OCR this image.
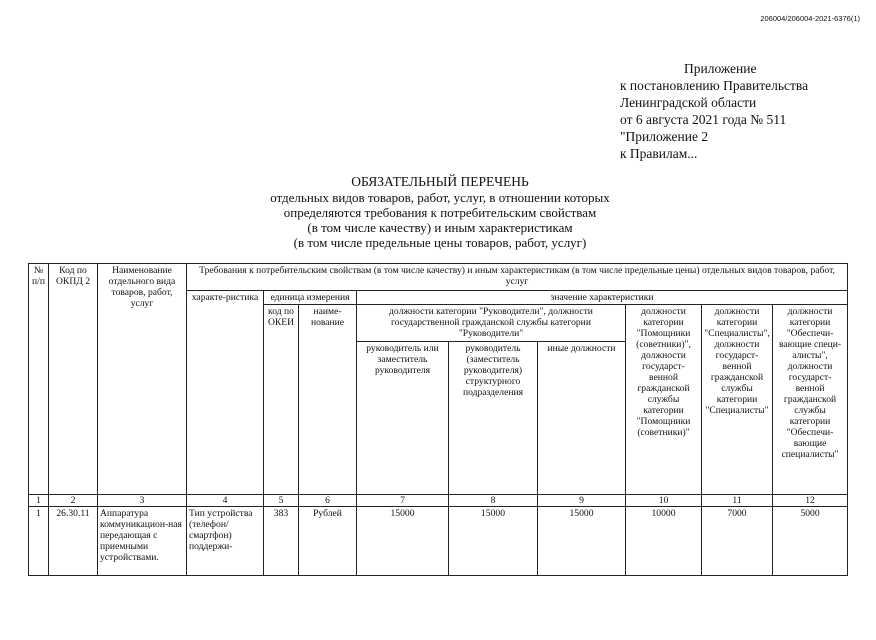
206004/206004-2021-6376(1)
Приложение
к постановлению Правительства
Ленинградской области
от 6 августа 2021 года № 511
"Приложение 2
к Правилам...
ОБЯЗАТЕЛЬНЫЙ ПЕРЕЧЕНЬ
отдельных видов товаров, работ, услуг, в отношении которых
определяются требования к потребительским свойствам
(в том числе качеству) и иным характеристикам
(в том числе предельные цены товаров, работ, услуг)
№ п/п	Код по ОКПД 2	Наименование отдельного вида товаров, работ, услуг	Требования к потребительским свойствам (в том числе качеству) и иным характеристикам (в том числе предельные цены) отдельных видов товаров, работ, услуг								
			характе-ристика	единица измерения		значение характеристики					
				код по ОКЕИ	наиме-нование	должности категории "Руководители", должности государственной гражданской службы категории "Руководители"			должности категории "Помощники (советники)", должности государст-венной гражданской службы категории "Помощники (советники)"	должности категории "Специалисты", должности государст-венной гражданской службы категории "Специалисты"	должности категории "Обеспечи-вающие специ-алисты", должности государст-венной гражданской службы категории "Обеспечи-вающие специалисты"
						руководитель или заместитель руководителя	руководитель (заместитель руководителя) структурного подразделения	иные должности			
1	2	3	4	5	6	7	8	9	10	11	12
1	26.30.11	Аппаратура коммуникацион-ная передающая с приемными устройствами.	Тип устройства (телефон/ смартфон) поддержи-	383	Рублей	15000	15000	15000	10000	7000	5000
